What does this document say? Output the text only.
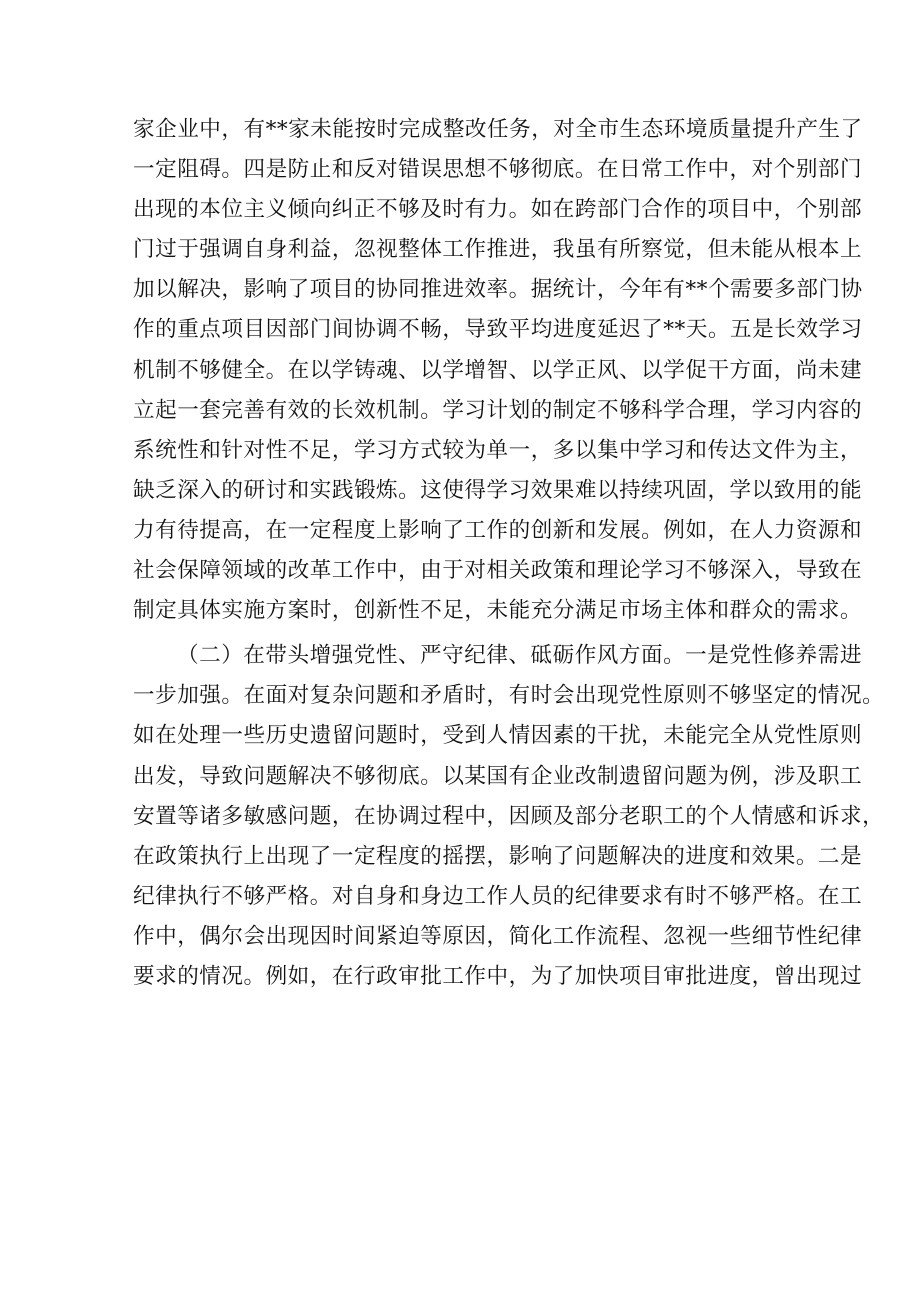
家企业中，有**家未能按时完成整改任务，对全市生态环境质量提升产生了
一定阻碍。四是防止和反对错误思想不够彻底。在日常工作中，对个别部门
出现的本位主义倾向纠正不够及时有力。如在跨部门合作的项目中，个别部
门过于强调自身利益，忽视整体工作推进，我虽有所察觉，但未能从根本上
加以解决，影响了项目的协同推进效率。据统计，今年有**个需要多部门协
作的重点项目因部门间协调不畅，导致平均进度延迟了**天。五是长效学习
机制不够健全。在以学铸魂、以学增智、以学正风、以学促干方面，尚未建
立起一套完善有效的长效机制。学习计划的制定不够科学合理，学习内容的
系统性和针对性不足，学习方式较为单一，多以集中学习和传达文件为主，
缺乏深入的研讨和实践锻炼。这使得学习效果难以持续巩固，学以致用的能
力有待提高，在一定程度上影响了工作的创新和发展。例如，在人力资源和
社会保障领域的改革工作中，由于对相关政策和理论学习不够深入，导致在
制定具体实施方案时，创新性不足，未能充分满足市场主体和群众的需求。
（二）在带头增强党性、严守纪律、砥砺作风方面。一是党性修养需进
一步加强。在面对复杂问题和矛盾时，有时会出现党性原则不够坚定的情况。
如在处理一些历史遗留问题时，受到人情因素的干扰，未能完全从党性原则
出发，导致问题解决不够彻底。以某国有企业改制遗留问题为例，涉及职工
安置等诸多敏感问题，在协调过程中，因顾及部分老职工的个人情感和诉求，
在政策执行上出现了一定程度的摇摆，影响了问题解决的进度和效果。二是
纪律执行不够严格。对自身和身边工作人员的纪律要求有时不够严格。在工
作中，偶尔会出现因时间紧迫等原因，简化工作流程、忽视一些细节性纪律
要求的情况。例如，在行政审批工作中，为了加快项目审批进度，曾出现过
